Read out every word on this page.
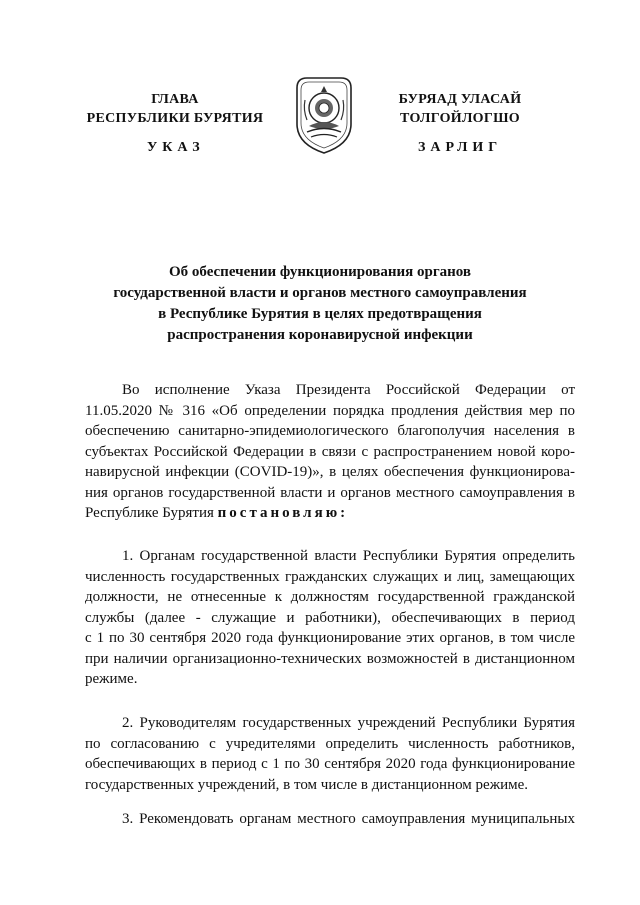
ГЛАВА
РЕСПУБЛИКИ БУРЯТИЯ
БУРЯАД УЛАСАЙ
ТОЛГОЙЛОГШО
УКАЗ	ЗАРЛИГ
Об обеспечении функционирования органов
государственной власти и органов местного самоуправления
в Республике Бурятия в целях предотвращения
распространения коронавирусной инфекции
Во исполнение Указа Президента Российской Федерации от
11.05.2020 № 316 «Об определении порядка продления действия мер по
обеспечению санитарно-эпидемиологического благополучия населения в
субъектах Российской Федерации в связи с распространением новой коро-
навирусной инфекции (COVID-19)», в целях обеспечения функционирова-
ния органов государственной власти и органов местного самоуправления в
Республике Бурятия постановляю:
1. Органам государственной власти Республики Бурятия определить
численность государственных гражданских служащих и лиц, замещающих
должности, не отнесенные к должностям государственной гражданской
службы (далее - служащие и работники), обеспечивающих в период
с 1 по 30 сентября 2020 года функционирование этих органов, в том числе
при наличии организационно-технических возможностей в дистанционном
режиме.
2. Руководителям государственных учреждений Республики Бурятия
по согласованию с учредителями определить численность работников,
обеспечивающих в период с 1 по 30 сентября 2020 года функционирование
государственных учреждений, в том числе в дистанционном режиме.
3. Рекомендовать органам местного самоуправления муниципальных
